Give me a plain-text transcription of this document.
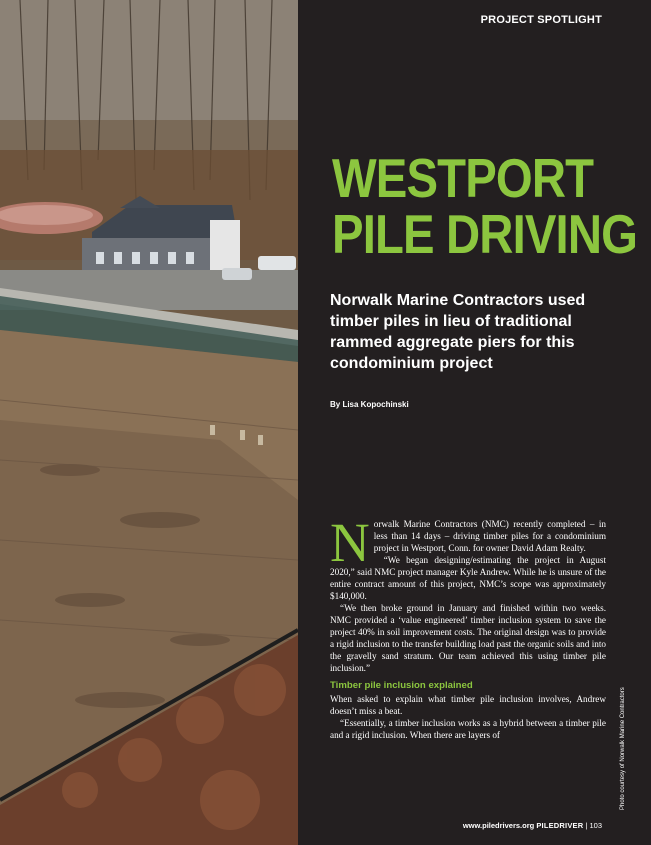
PROJECT SPOTLIGHT
WESTPORT
PILE DRIVING

Norwalk Marine Contractors used timber piles in lieu of traditional rammed aggregate piers for this condominium project

By Lisa Kopochinski

Norwalk Marine Contractors (NMC) recently completed – in less than 14 days – driving timber piles for a condominium project in Westport, Conn. for owner David Adam Realty.

“We began designing/estimating the project in August 2020,” said NMC project manager Kyle Andrew. While he is unsure of the entire contract amount of this project, NMC’s scope was approximately $140,000.

“We then broke ground in January and finished within two weeks. NMC provided a ‘value engineered’ timber inclusion system to save the project 40% in soil improvement costs. The original design was to provide a rigid inclusion to the transfer building load past the organic soils and into the gravelly sand stratum. Our team achieved this using timber pile inclusion.”

Timber pile inclusion explained

When asked to explain what timber pile inclusion involves, Andrew doesn’t miss a beat.

“Essentially, a timber inclusion works as a hybrid between a timber pile and a rigid inclusion. When there are layers of	Photo courtesy of Norwalk Marine Contractors
www.piledrivers.org PILEDRIVER | 103
